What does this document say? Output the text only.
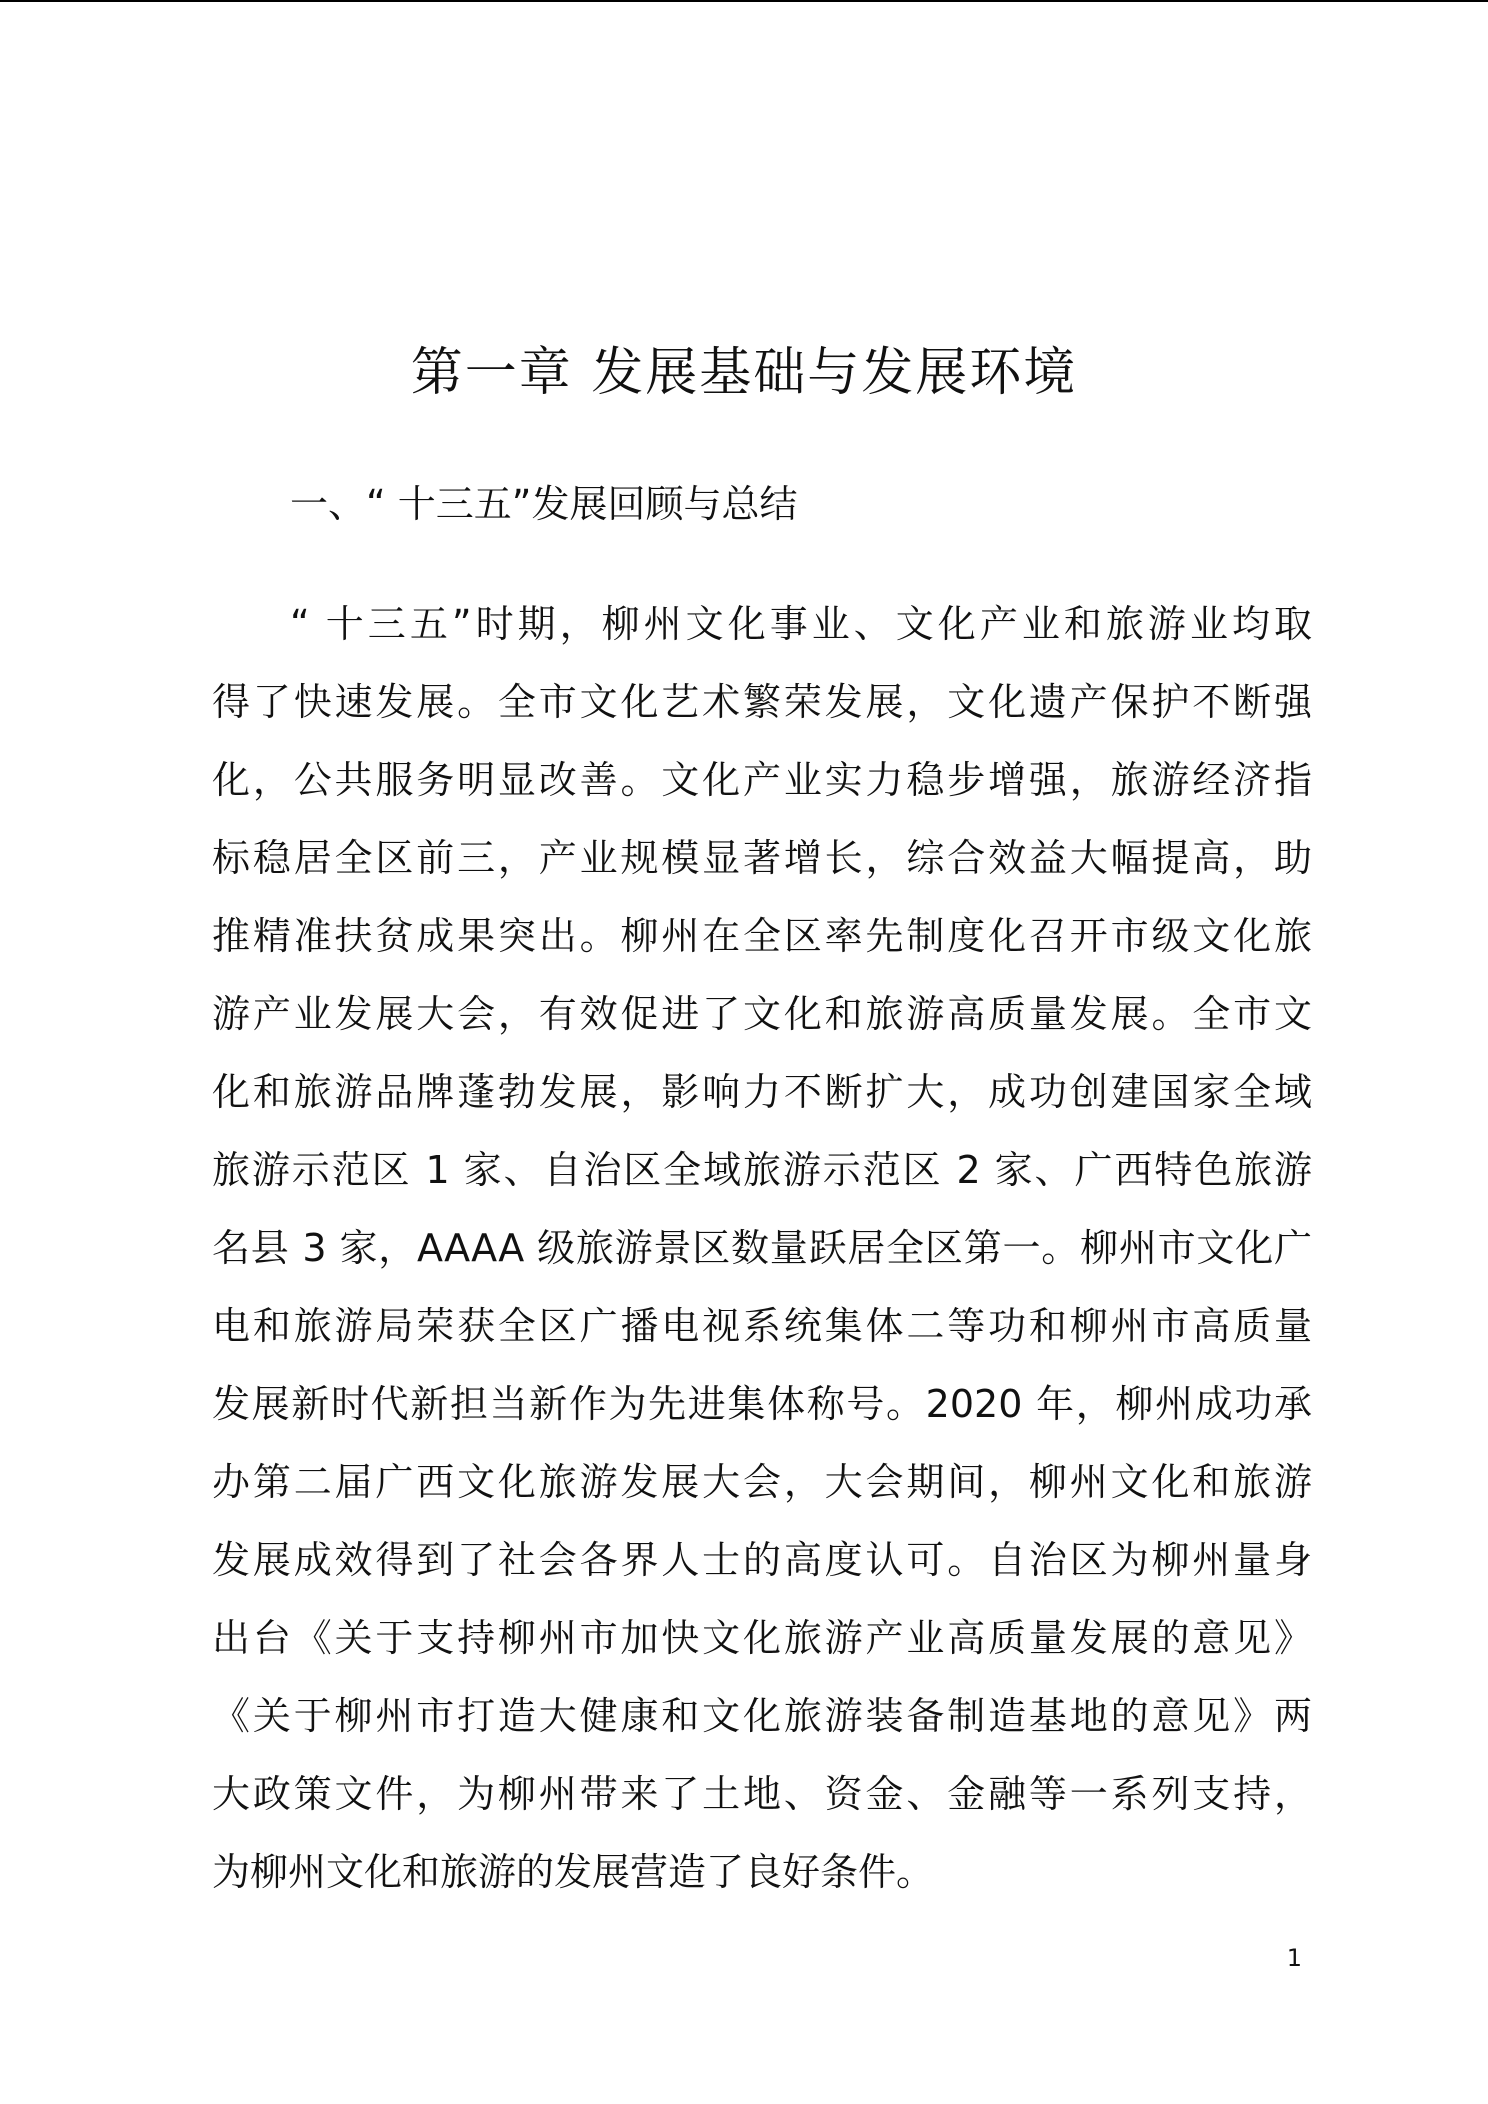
第一章 发展基础与发展环境
一、“ 十三五”发展回顾与总结
“ 十三五”时期，柳州文化事业、文化产业和旅游业均取
得了快速发展。全市文化艺术繁荣发展，文化遗产保护不断强
化，公共服务明显改善。文化产业实力稳步增强，旅游经济指
标稳居全区前三，产业规模显著增长，综合效益大幅提高，助
推精准扶贫成果突出。柳州在全区率先制度化召开市级文化旅
游产业发展大会，有效促进了文化和旅游高质量发展。全市文
化和旅游品牌蓬勃发展，影响力不断扩大，成功创建国家全域
旅游示范区 1 家、自治区全域旅游示范区 2 家、广西特色旅游
名县 3 家，AAAA 级旅游景区数量跃居全区第一。柳州市文化广
电和旅游局荣获全区广播电视系统集体二等功和柳州市高质量
发展新时代新担当新作为先进集体称号。2020 年，柳州成功承
办第二届广西文化旅游发展大会，大会期间，柳州文化和旅游
发展成效得到了社会各界人士的高度认可。自治区为柳州量身
出台《关于支持柳州市加快文化旅游产业高质量发展的意见》
《关于柳州市打造大健康和文化旅游装备制造基地的意见》两
大政策文件，为柳州带来了土地、资金、金融等一系列支持，
为柳州文化和旅游的发展营造了良好条件。
1
